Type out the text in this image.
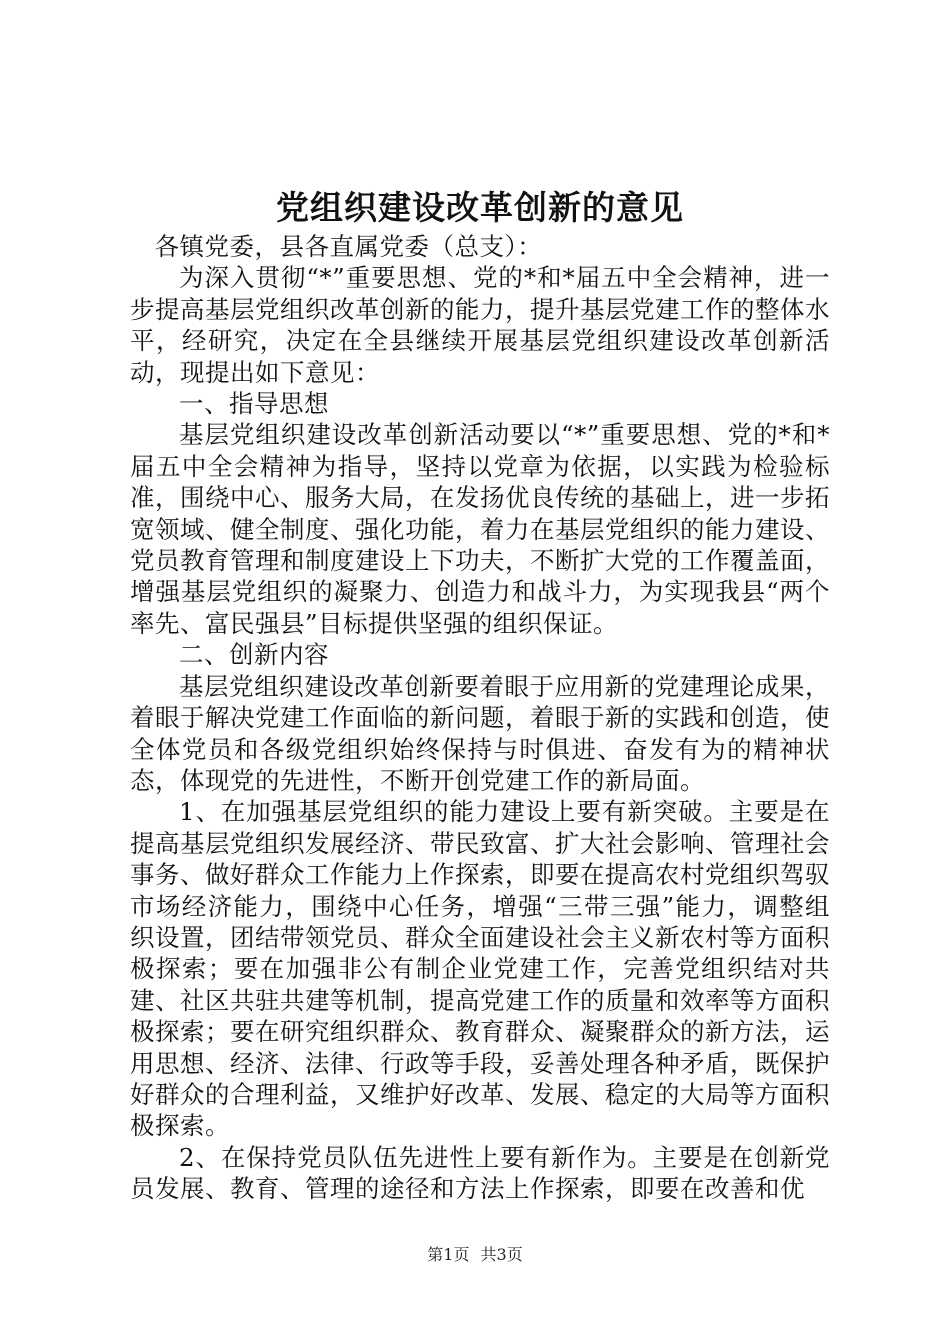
党组织建设改革创新的意见

各镇党委，县各直属党委（总支）：

为深入贯彻“*”重要思想、党的*和*届五中全会精神，进一步提高基层党组织改革创新的能力，提升基层党建工作的整体水平，经研究，决定在全县继续开展基层党组织建设改革创新活动，现提出如下意见：

一、指导思想

基层党组织建设改革创新活动要以“*”重要思想、党的*和*届五中全会精神为指导，坚持以党章为依据，以实践为检验标准，围绕中心、服务大局，在发扬优良传统的基础上，进一步拓宽领域、健全制度、强化功能，着力在基层党组织的能力建设、党员教育管理和制度建设上下功夫，不断扩大党的工作覆盖面，增强基层党组织的凝聚力、创造力和战斗力，为实现我县“两个率先、富民强县”目标提供坚强的组织保证。

二、创新内容

基层党组织建设改革创新要着眼于应用新的党建理论成果，着眼于解决党建工作面临的新问题，着眼于新的实践和创造，使全体党员和各级党组织始终保持与时俱进、奋发有为的精神状态，体现党的先进性，不断开创党建工作的新局面。

1、在加强基层党组织的能力建设上要有新突破。主要是在提高基层党组织发展经济、带民致富、扩大社会影响、管理社会事务、做好群众工作能力上作探索，即要在提高农村党组织驾驭市场经济能力，围绕中心任务，增强“三带三强”能力，调整组织设置，团结带领党员、群众全面建设社会主义新农村等方面积极探索；要在加强非公有制企业党建工作，完善党组织结对共建、社区共驻共建等机制，提高党建工作的质量和效率等方面积极探索；要在研究组织群众、教育群众、凝聚群众的新方法，运用思想、经济、法律、行政等手段，妥善处理各种矛盾，既保护好群众的合理利益，又维护好改革、发展、稳定的大局等方面积极探索。

2、在保持党员队伍先进性上要有新作为。主要是在创新党员发展、教育、管理的途径和方法上作探索，即要在改善和优

第1页 共3页
